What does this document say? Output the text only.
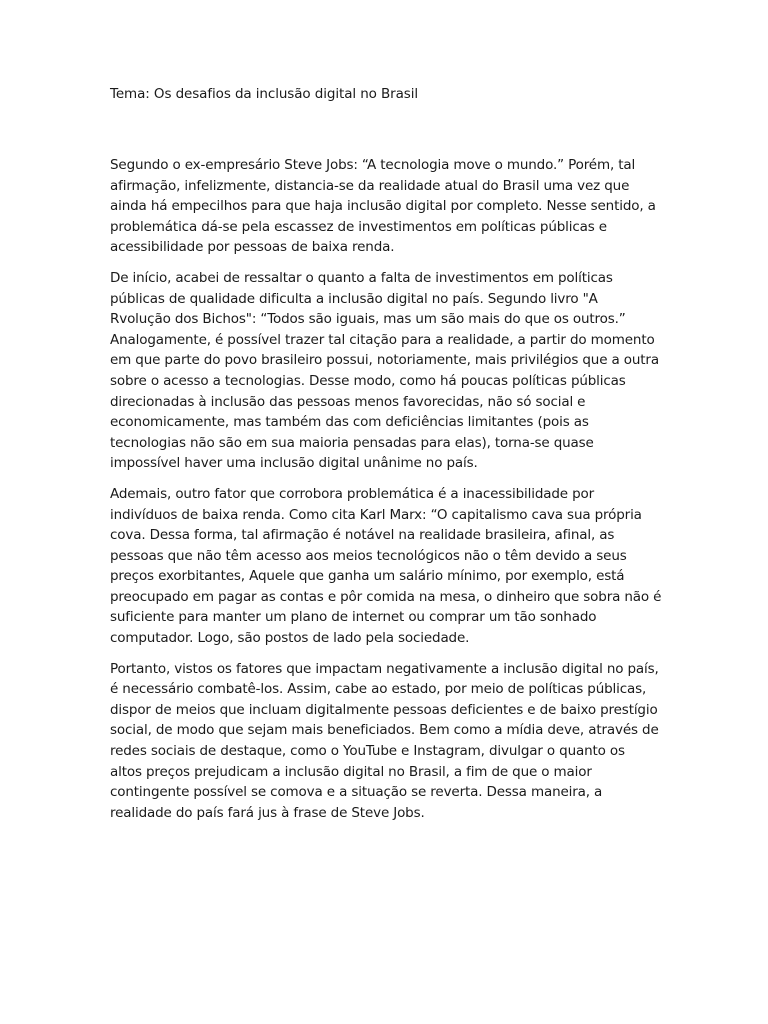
Tema: Os desafios da inclusão digital no Brasil

Segundo o ex-empresário Steve Jobs: “A tecnologia move o mundo.” Porém, tal
afirmação, infelizmente, distancia-se da realidade atual do Brasil uma vez que
ainda há empecilhos para que haja inclusão digital por completo. Nesse sentido, a
problemática dá-se pela escassez de investimentos em políticas públicas e
acessibilidade por pessoas de baixa renda.

De início, acabei de ressaltar o quanto a falta de investimentos em políticas
públicas de qualidade dificulta a inclusão digital no país. Segundo livro "A
Rvolução dos Bichos": “Todos são iguais, mas um são mais do que os outros.”
Analogamente, é possível trazer tal citação para a realidade, a partir do momento
em que parte do povo brasileiro possui, notoriamente, mais privilégios que a outra
sobre o acesso a tecnologias. Desse modo, como há poucas políticas públicas
direcionadas à inclusão das pessoas menos favorecidas, não só social e
economicamente, mas também das com deficiências limitantes (pois as
tecnologias não são em sua maioria pensadas para elas), torna-se quase
impossível haver uma inclusão digital unânime no país.

Ademais, outro fator que corrobora problemática é a inacessibilidade por
indivíduos de baixa renda. Como cita Karl Marx: “O capitalismo cava sua própria
cova. Dessa forma, tal afirmação é notável na realidade brasileira, afinal, as
pessoas que não têm acesso aos meios tecnológicos não o têm devido a seus
preços exorbitantes, Aquele que ganha um salário mínimo, por exemplo, está
preocupado em pagar as contas e pôr comida na mesa, o dinheiro que sobra não é
suficiente para manter um plano de internet ou comprar um tão sonhado
computador. Logo, são postos de lado pela sociedade.

Portanto, vistos os fatores que impactam negativamente a inclusão digital no país,
é necessário combatê-los. Assim, cabe ao estado, por meio de políticas públicas,
dispor de meios que incluam digitalmente pessoas deficientes e de baixo prestígio
social, de modo que sejam mais beneficiados. Bem como a mídia deve, através de
redes sociais de destaque, como o YouTube e Instagram, divulgar o quanto os
altos preços prejudicam a inclusão digital no Brasil, a fim de que o maior
contingente possível se comova e a situação se reverta. Dessa maneira, a
realidade do país fará jus à frase de Steve Jobs.
